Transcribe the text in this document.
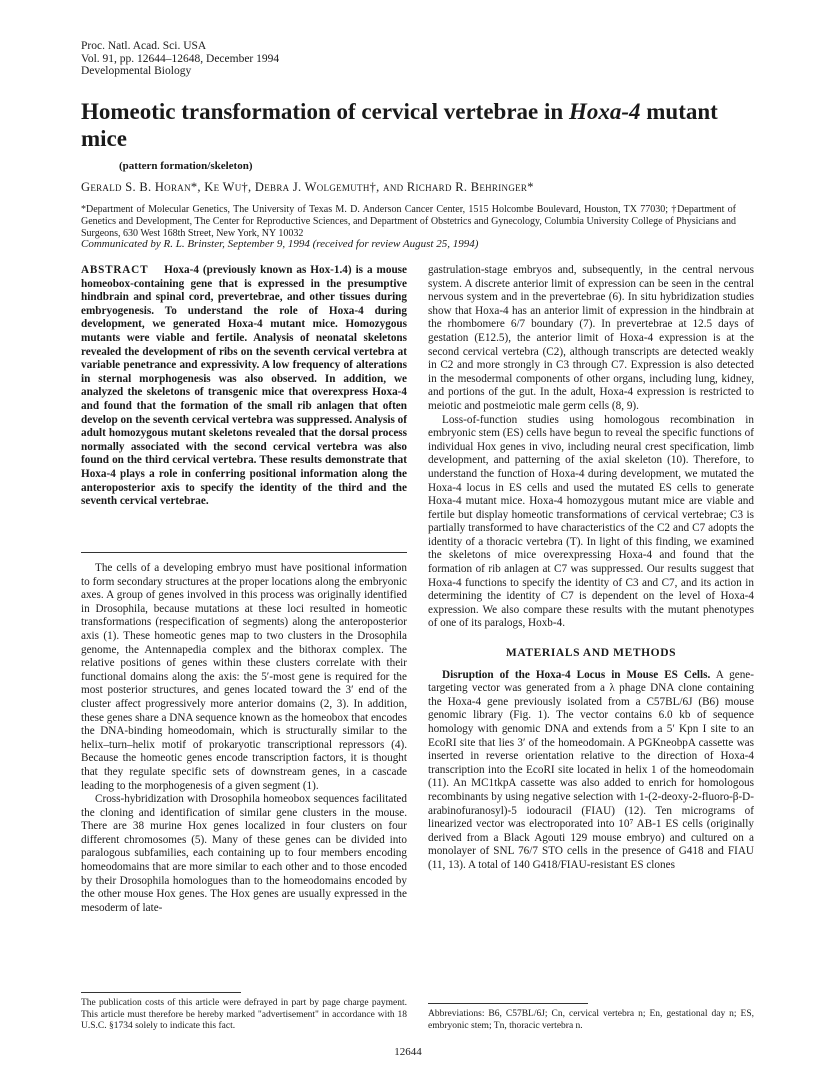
Proc. Natl. Acad. Sci. USA
Vol. 91, pp. 12644–12648, December 1994
Developmental Biology
Homeotic transformation of cervical vertebrae in Hoxa-4 mutant mice
(pattern formation/skeleton)
Gerald S. B. Horan*, Ke Wu†, Debra J. Wolgemuth†, and Richard R. Behringer*
*Department of Molecular Genetics, The University of Texas M. D. Anderson Cancer Center, 1515 Holcombe Boulevard, Houston, TX 77030; †Department of Genetics and Development, The Center for Reproductive Sciences, and Department of Obstetrics and Gynecology, Columbia University College of Physicians and Surgeons, 630 West 168th Street, New York, NY 10032
Communicated by R. L. Brinster, September 9, 1994 (received for review August 25, 1994)

ABSTRACT Hoxa-4 (previously known as Hox-1.4) is a mouse homeobox-containing gene that is expressed in the presumptive hindbrain and spinal cord, prevertebrae, and other tissues during embryogenesis. To understand the role of Hoxa-4 during development, we generated Hoxa-4 mutant mice. Homozygous mutants were viable and fertile. Analysis of neonatal skeletons revealed the development of ribs on the seventh cervical vertebra at variable penetrance and expressivity. A low frequency of alterations in sternal morphogenesis was also observed. In addition, we analyzed the skeletons of transgenic mice that overexpress Hoxa-4 and found that the formation of the small rib anlagen that often develop on the seventh cervical vertebra was suppressed. Analysis of adult homozygous mutant skeletons revealed that the dorsal process normally associated with the second cervical vertebra was also found on the third cervical vertebra. These results demonstrate that Hoxa-4 plays a role in conferring positional information along the anteroposterior axis to specify the identity of the third and the seventh cervical vertebrae.

The cells of a developing embryo must have positional information to form secondary structures at the proper locations along the embryonic axes. A group of genes involved in this process was originally identified in Drosophila, because mutations at these loci resulted in homeotic transformations (respecification of segments) along the anteroposterior axis (1). These homeotic genes map to two clusters in the Drosophila genome, the Antennapedia complex and the bithorax complex. The relative positions of genes within these clusters correlate with their functional domains along the axis: the 5′-most gene is required for the most posterior structures, and genes located toward the 3′ end of the cluster affect progressively more anterior domains (2, 3). In addition, these genes share a DNA sequence known as the homeobox that encodes the DNA-binding homeodomain, which is structurally similar to the helix–turn–helix motif of prokaryotic transcriptional repressors (4). Because the homeotic genes encode transcription factors, it is thought that they regulate specific sets of downstream genes, in a cascade leading to the morphogenesis of a given segment (1).

Cross-hybridization with Drosophila homeobox sequences facilitated the cloning and identification of similar gene clusters in the mouse. There are 38 murine Hox genes localized in four clusters on four different chromosomes (5). Many of these genes can be divided into paralogous subfamilies, each containing up to four members encoding homeodomains that are more similar to each other and to those encoded by their Drosophila homologues than to the homeodomains encoded by the other mouse Hox genes. The Hox genes are usually expressed in the mesoderm of late-

gastrulation-stage embryos and, subsequently, in the central nervous system. A discrete anterior limit of expression can be seen in the central nervous system and in the prevertebrae (6). In situ hybridization studies show that Hoxa-4 has an anterior limit of expression in the hindbrain at the rhombomere 6/7 boundary (7). In prevertebrae at 12.5 days of gestation (E12.5), the anterior limit of Hoxa-4 expression is at the second cervical vertebra (C2), although transcripts are detected weakly in C2 and more strongly in C3 through C7. Expression is also detected in the mesodermal components of other organs, including lung, kidney, and portions of the gut. In the adult, Hoxa-4 expression is restricted to meiotic and postmeiotic male germ cells (8, 9).

Loss-of-function studies using homologous recombination in embryonic stem (ES) cells have begun to reveal the specific functions of individual Hox genes in vivo, including neural crest specification, limb development, and patterning of the axial skeleton (10). Therefore, to understand the function of Hoxa-4 during development, we mutated the Hoxa-4 locus in ES cells and used the mutated ES cells to generate Hoxa-4 mutant mice. Hoxa-4 homozygous mutant mice are viable and fertile but display homeotic transformations of cervical vertebrae; C3 is partially transformed to have characteristics of the C2 and C7 adopts the identity of a thoracic vertebra (T). In light of this finding, we examined the skeletons of mice overexpressing Hoxa-4 and found that the formation of rib anlagen at C7 was suppressed. Our results suggest that Hoxa-4 functions to specify the identity of C3 and C7, and its action in determining the identity of C7 is dependent on the level of Hoxa-4 expression. We also compare these results with the mutant phenotypes of one of its paralogs, Hoxb-4.

MATERIALS AND METHODS

Disruption of the Hoxa-4 Locus in Mouse ES Cells. A gene-targeting vector was generated from a λ phage DNA clone containing the Hoxa-4 gene previously isolated from a C57BL/6J (B6) mouse genomic library (Fig. 1). The vector contains 6.0 kb of sequence homology with genomic DNA and extends from a 5′ Kpn I site to an EcoRI site that lies 3′ of the homeodomain. A PGKneobpA cassette was inserted in reverse orientation relative to the direction of Hoxa-4 transcription into the EcoRI site located in helix 1 of the homeodomain (11). An MC1tkpA cassette was also added to enrich for homologous recombinants by using negative selection with 1-(2-deoxy-2-fluoro-β-D-arabinofuranosyl)-5 iodouracil (FIAU) (12). Ten micrograms of linearized vector was electroporated into 10⁷ AB-1 ES cells (originally derived from a Black Agouti 129 mouse embryo) and cultured on a monolayer of SNL 76/7 STO cells in the presence of G418 and FIAU (11, 13). A total of 140 G418/FIAU-resistant ES clones

The publication costs of this article were defrayed in part by page charge payment. This article must therefore be hereby marked "advertisement" in accordance with 18 U.S.C. §1734 solely to indicate this fact.
Abbreviations: B6, C57BL/6J; Cn, cervical vertebra n; En, gestational day n; ES, embryonic stem; Tn, thoracic vertebra n.
12644
